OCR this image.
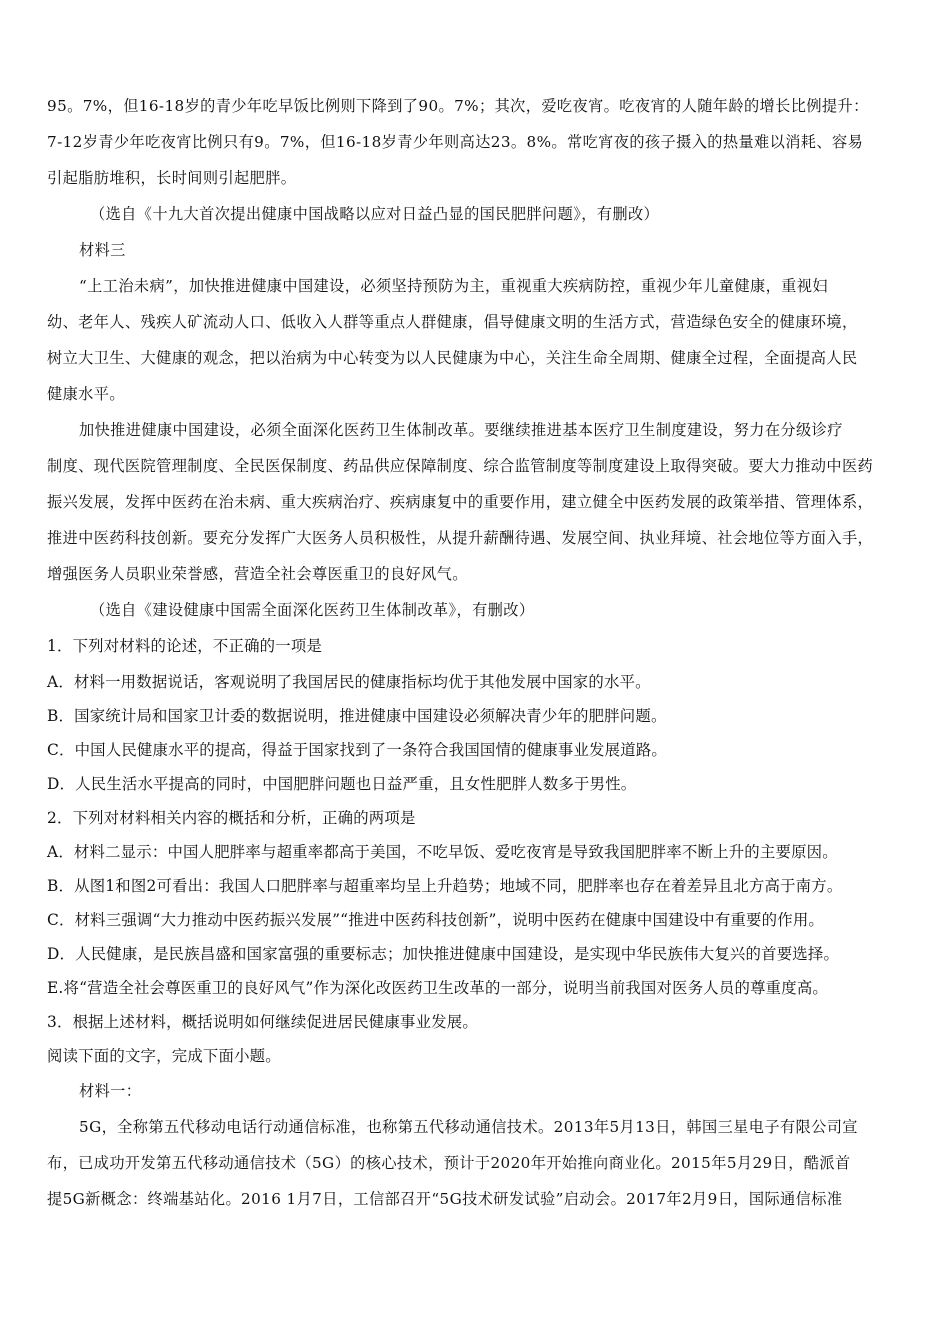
95。7%，但16-18岁的青少年吃早饭比例则下降到了90。7%；其次，爱吃夜宵。吃夜宵的人随年龄的增长比例提升：
7-12岁青少年吃夜宵比例只有9。7%，但16-18岁青少年则高达23。8%。常吃宵夜的孩子摄入的热量难以消耗、容易
引起脂肪堆积，长时间则引起肥胖。
（选自《十九大首次提出健康中国战略以应对日益凸显的国民肥胖问题》，有删改）
材料三
“上工治未病”，加快推进健康中国建设，必须坚持预防为主，重视重大疾病防控，重视少年儿童健康，重视妇
幼、老年人、残疾人矿流动人口、低收入人群等重点人群健康，倡导健康文明的生活方式，营造绿色安全的健康环境，
树立大卫生、大健康的观念，把以治病为中心转变为以人民健康为中心，关注生命全周期、健康全过程，全面提高人民
健康水平。
加快推进健康中国建设，必须全面深化医药卫生体制改革。要继续推进基本医疗卫生制度建设，努力在分级诊疗
制度、现代医院管理制度、全民医保制度、药品供应保障制度、综合监管制度等制度建设上取得突破。要大力推动中医药
振兴发展，发挥中医药在治未病、重大疾病治疗、疾病康复中的重要作用，建立健全中医药发展的政策举措、管理体系，
推进中医药科技创新。要充分发挥广大医务人员积极性，从提升薪酬待遇、发展空间、执业拜境、社会地位等方面入手，
增强医务人员职业荣誉感，营造全社会尊医重卫的良好风气。
（选自《建设健康中国需全面深化医药卫生体制改革》，有删改）
1．下列对材料的论述，不正确的一项是
A．材料一用数据说话，客观说明了我国居民的健康指标均优于其他发展中国家的水平。
B．国家统计局和国家卫计委的数据说明，推进健康中国建设必须解决青少年的肥胖问题。
C．中国人民健康水平的提高，得益于国家找到了一条符合我国国情的健康事业发展道路。
D．人民生活水平提高的同时，中国肥胖问题也日益严重，且女性肥胖人数多于男性。
2．下列对材料相关内容的概括和分析，正确的两项是
A．材料二显示：中国人肥胖率与超重率都高于美国，不吃早饭、爱吃夜宵是导致我国肥胖率不断上升的主要原因。
B．从图1和图2可看出：我国人口肥胖率与超重率均呈上升趋势；地域不同，肥胖率也存在着差异且北方高于南方。
C．材料三强调“大力推动中医药振兴发展”“推进中医药科技创新”，说明中医药在健康中国建设中有重要的作用。
D．人民健康，是民族昌盛和国家富强的重要标志；加快推进健康中国建设，是实现中华民族伟大复兴的首要选择。
E.将“营造全社会尊医重卫的良好风气”作为深化改医药卫生改革的一部分，说明当前我国对医务人员的尊重度高。
3．根据上述材料，概括说明如何继续促进居民健康事业发展。
阅读下面的文字，完成下面小题。
材料一：
5G，全称第五代移动电话行动通信标准，也称第五代移动通信技术。2013年5月13日，韩国三星电子有限公司宣
布，已成功开发第五代移动通信技术（5G）的核心技术，预计于2020年开始推向商业化。2015年5月29日，酷派首
提5G新概念：终端基站化。2016 1月7日，工信部召开“5G技术研发试验”启动会。2017年2月9日，国际通信标准
